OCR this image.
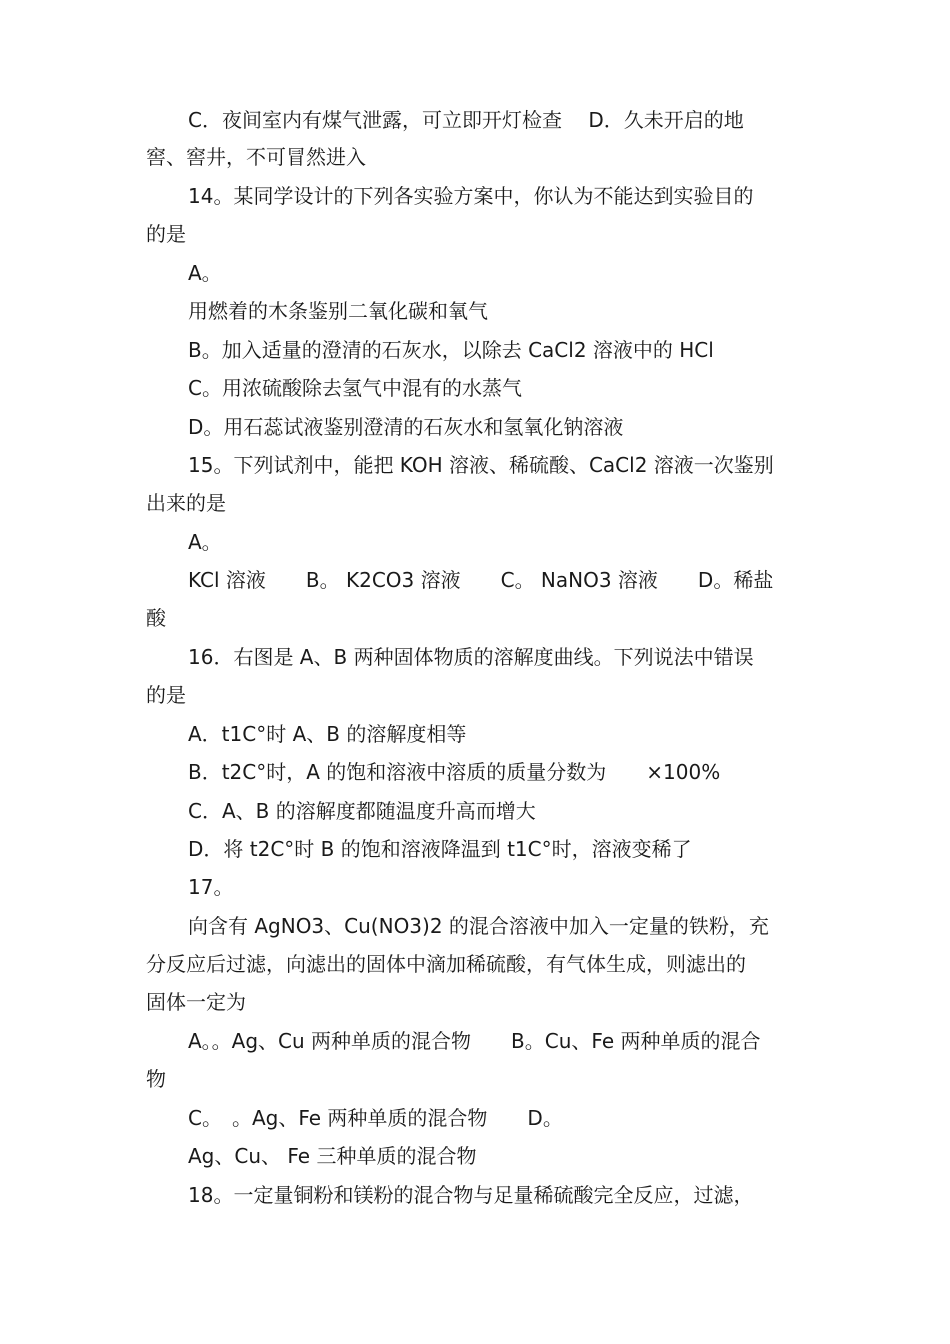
C．夜间室内有煤气泄露，可立即开灯检查　 D．久未开启的地

窖、窖井，不可冒然进入

14。某同学设计的下列各实验方案中，你认为不能达到实验目的

的是

A。

用燃着的木条鉴别二氧化碳和氧气

B。加入适量的澄清的石灰水，以除去 CaCl2 溶液中的 HCl

C。用浓硫酸除去氢气中混有的水蒸气

D。用石蕊试液鉴别澄清的石灰水和氢氧化钠溶液

15。下列试剂中，能把 KOH 溶液、稀硫酸、CaCl2 溶液一次鉴别

出来的是

A。

KCl 溶液　　B。 K2CO3 溶液　　C。 NaNO3 溶液　　D。稀盐

酸

16．右图是 A、B 两种固体物质的溶解度曲线。下列说法中错误

的是

A．t1C°时 A、B 的溶解度相等

B．t2C°时，A 的饱和溶液中溶质的质量分数为　　×100%

C．A、B 的溶解度都随温度升高而增大

D．将 t2C°时 B 的饱和溶液降温到 t1C°时，溶液变稀了

17。

向含有 AgNO3、Cu(NO3)2 的混合溶液中加入一定量的铁粉，充

分反应后过滤，向滤出的固体中滴加稀硫酸，有气体生成，则滤出的

固体一定为

A。。Ag、Cu 两种单质的混合物　　B。Cu、Fe 两种单质的混合

物

C。　。Ag、Fe 两种单质的混合物　　D。

Ag、Cu、 Fe 三种单质的混合物

18。一定量铜粉和镁粉的混合物与足量稀硫酸完全反应，过滤，
